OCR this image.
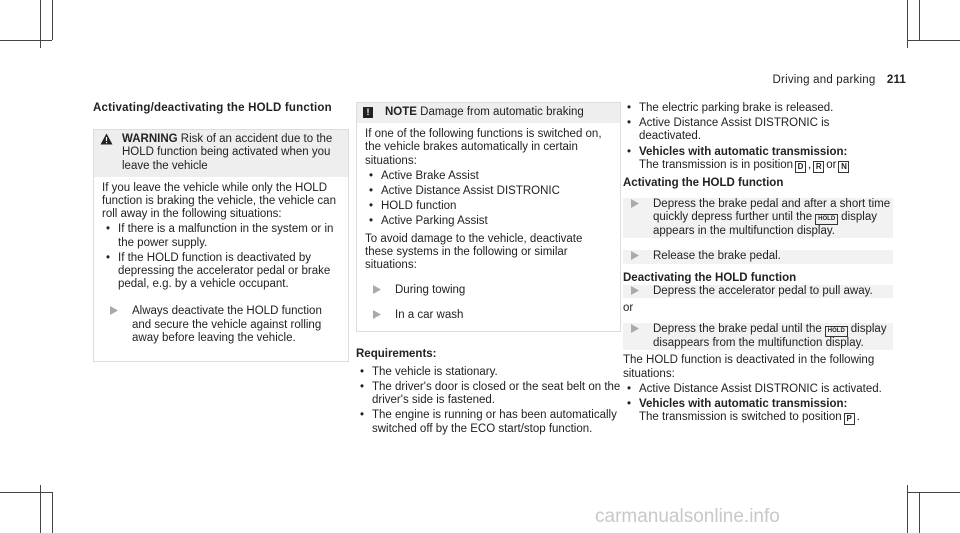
Driving and parking 211
Activating/deactivating the HOLD function
WARNING Risk of an accident due to the HOLD function being activated when you leave the vehicle

If you leave the vehicle while only the HOLD function is braking the vehicle, the vehicle can roll away in the following situations:

• If there is a malfunction in the system or in the power supply.
• If the HOLD function is deactivated by depressing the accelerator pedal or brake pedal, e.g. by a vehicle occupant.
Always deactivate the HOLD function and secure the vehicle against rolling away before leaving the vehicle.
!	NOTE Damage from automatic braking

If one of the following functions is switched on, the vehicle brakes automatically in certain situations:

• Active Brake Assist
• Active Distance Assist DISTRONIC
• HOLD function
• Active Parking Assist

To avoid damage to the vehicle, deactivate these systems in the following or similar situations:

During towing
In a car wash
Requirements:
• The vehicle is stationary.
• The driver's door is closed or the seat belt on the driver's side is fastened.
• The engine is running or has been automatically switched off by the ECO start/stop function.
• The electric parking brake is released.
• Active Distance Assist DISTRONIC is deactivated.
• Vehicles with automatic transmission:
The transmission is in position D , R or N
Activating the HOLD function
Depress the brake pedal and after a short time quickly depress further until the HOLD display appears in the multifunction display.
Release the brake pedal.
Deactivating the HOLD function
Depress the accelerator pedal to pull away.

or

Depress the brake pedal until the HOLD display disappears from the multifunction display.

The HOLD function is deactivated in the following situations:

• Active Distance Assist DISTRONIC is activated.
• Vehicles with automatic transmission:
The transmission is switched to position P .
carmanualsonline.info
